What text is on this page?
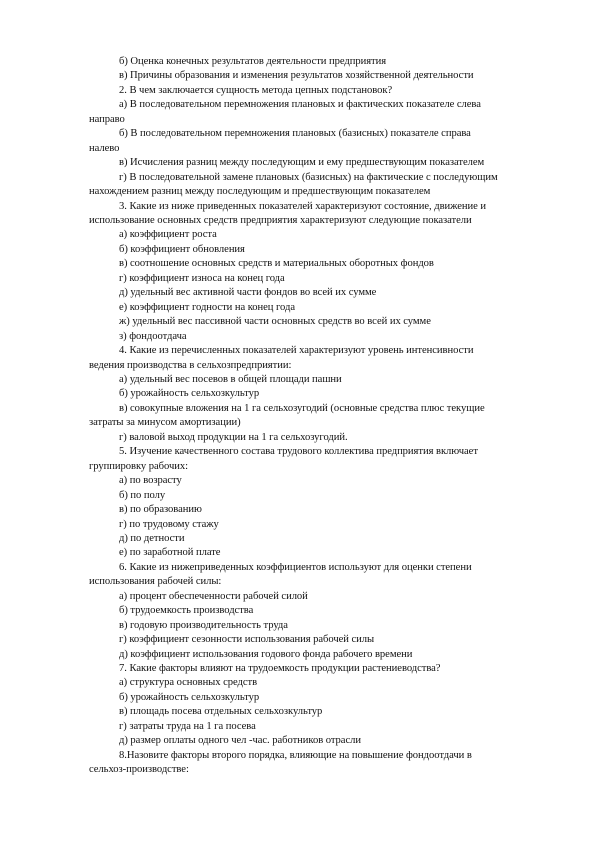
б) Оценка конечных результатов деятельности предприятия
в) Причины образования и изменения результатов хозяйственной деятельности
2. В чем заключается сущность метода цепных подстановок?
а) В последовательном перемножения плановых и фактических показателе слева
направо
б) В последовательном перемножения плановых (базисных) показателе справа
налево
в) Исчисления разниц между последующим и ему предшествующим показателем
г) В последовательной замене плановых (базисных) на фактические с последующим
нахождением разниц между последующим и предшествующим показателем
3. Какие из ниже приведенных показателей характеризуют состояние, движение и
использование основных средств предприятия характеризуют следующие показатели
а) коэффициент роста
б) коэффициент обновления
в) соотношение основных средств и материальных оборотных фондов
г) коэффициент износа на конец года
д) удельный вес активной части фондов во всей их сумме
е) коэффициент годности на конец года
ж) удельный вес пассивной части основных средств во всей их сумме
з) фондоотдача
4. Какие из перечисленных показателей характеризуют уровень интенсивности
ведения производства в сельхозпредприятии:
а) удельный вес посевов в общей площади пашни
б) урожайность сельхозкультур
в) совокупные вложения на 1 га сельхозугодий (основные средства плюс текущие
затраты за минусом амортизации)
г) валовой выход продукции на 1 га сельхозугодий.
5. Изучение качественного состава трудового коллектива предприятия включает
группировку рабочих:
а) по возрасту
б) по полу
в) по образованию
г) по трудовому стажу
д) по детности
е) по заработной плате
6. Какие из нижеприведенных коэффициентов используют для оценки степени
использования рабочей силы:
а) процент обеспеченности рабочей силой
б) трудоемкость производства
в) годовую производительность труда
г) коэффициент сезонности использования рабочей силы
д) коэффициент использования годового фонда рабочего времени
7. Какие факторы влияют на трудоемкость продукции растениеводства?
а) структура основных средств
б) урожайность сельхозкультур
в) площадь посева отдельных сельхозкультур
г) затраты труда на 1 га посева
д) размер оплаты одного чел -час. работников отрасли
8.Назовите факторы второго порядка, влияющие на повышение фондоотдачи в
сельхоз-производстве:
